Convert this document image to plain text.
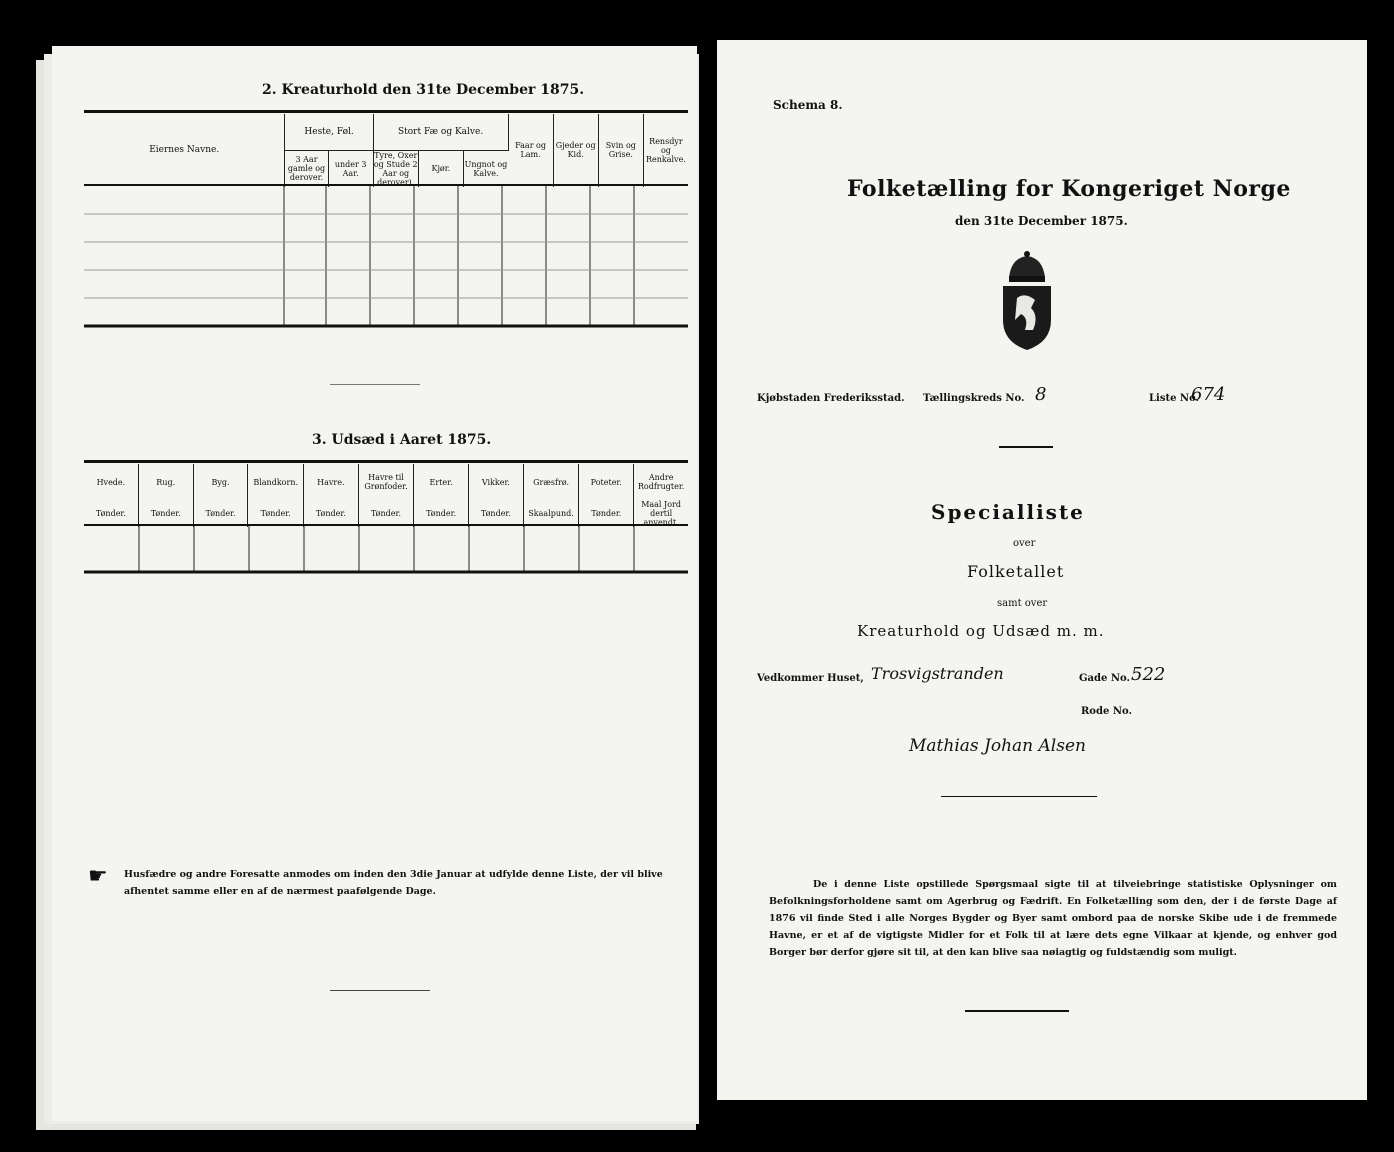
2. Kreaturhold den 31te December 1875.
Eiernes Navne.	Heste, Føl.		Stort Fæ og Kalve.			Faar og Lam.	Gjeder og Kid.	Svin og Grise.	Rensdyr og Renkalve.
	3 Aar gamle og derover.	under 3 Aar.	Tyre, Oxer og Stude 2 Aar og derover).	Kjør.	Ungnot og Kalve.				
3. Udsæd i Aaret 1875.
Hvede.	Rug.	Byg.	Blandkorn.	Havre.	Havre til Grønfoder.	Erter.	Vikker.	Græsfrø.	Poteter.	Andre Rodfrugter.
Tønder.	Tønder.	Tønder.	Tønder.	Tønder.	Tønder.	Tønder.	Tønder.	Skaalpund.	Tønder.	Maal Jord dertil anvendt.
☛ Husfædre og andre Foresatte anmodes om inden den 3die Januar at udfylde denne Liste, der vil blive afhentet samme eller en af de nærmest paafølgende Dage.
Schema 8.
Folketælling for Kongeriget Norge
den 31te December 1875.
Kjøbstaden Frederiksstad. Tællingskreds No. 8	Liste No.
674
Specialliste
over
Folketallet
samt over
Kreaturhold og Udsæd m. m.
Vedkommer Huset, Trosvigstranden	Gade No. 522
Rode No.
Mathias Johan Alsen
De i denne Liste opstillede Spørgsmaal sigte til at tilveiebringe statistiske Oplysninger om Befolkningsforholdene samt om Agerbrug og Fædrift. En Folketælling som den, der i de første Dage af 1876 vil finde Sted i alle Norges Bygder og Byer samt ombord paa de norske Skibe ude i de fremmede Havne, er et af de vigtigste Midler for et Folk til at lære dets egne Vilkaar at kjende, og enhver god Borger bør derfor gjøre sit til, at den kan blive saa nøiagtig og fuldstændig som muligt.
